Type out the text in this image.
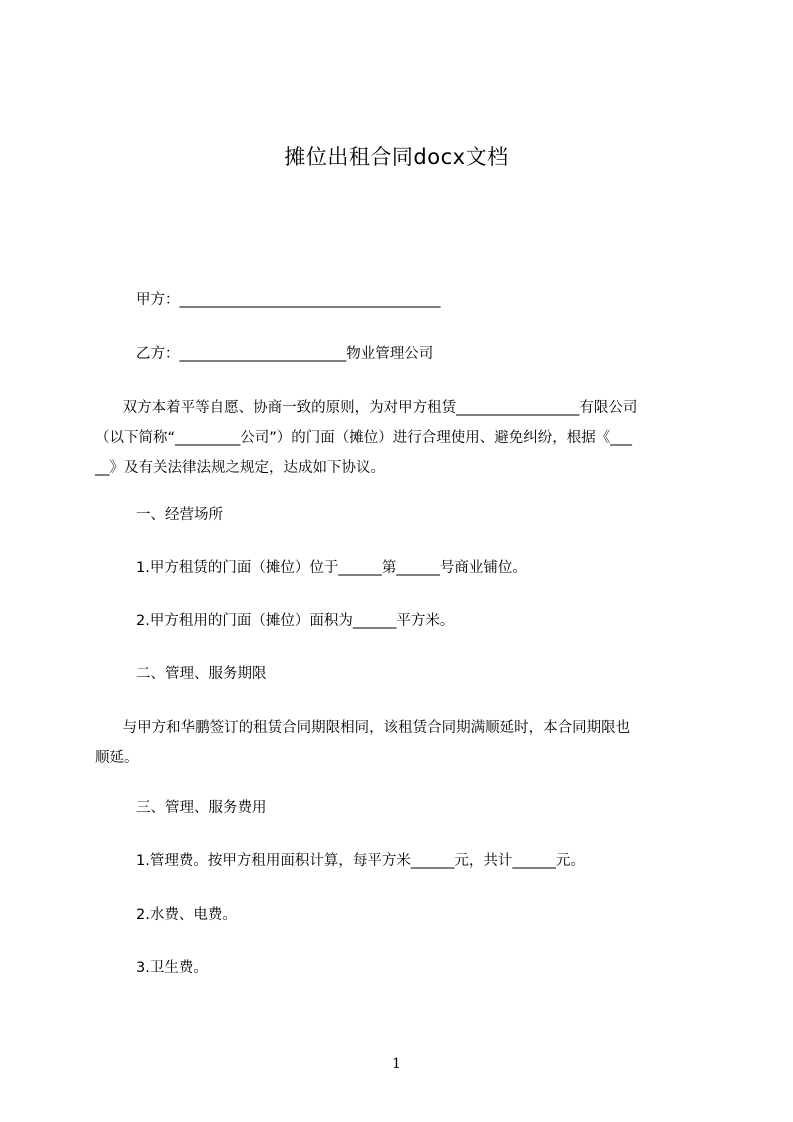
摊位出租合同docx文档
甲方：____________________________________
乙方：_______________________物业管理公司

双方本着平等自愿、协商一致的原则，为对甲方租赁_________________有限公司

（以下简称“_________公司”）的门面（摊位）进行合理使用、避免纠纷，根据《___

__》及有关法律法规之规定，达成如下协议。

一、经营场所
1.甲方租赁的门面（摊位）位于______第______号商业铺位。
2.甲方租用的门面（摊位）面积为______平方米。
二、管理、服务期限

与甲方和华鹏签订的租赁合同期限相同，该租赁合同期满顺延时，本合同期限也

顺延。

三、管理、服务费用
1.管理费。按甲方租用面积计算，每平方米______元，共计______元。
2.水费、电费。
3.卫生费。
1
